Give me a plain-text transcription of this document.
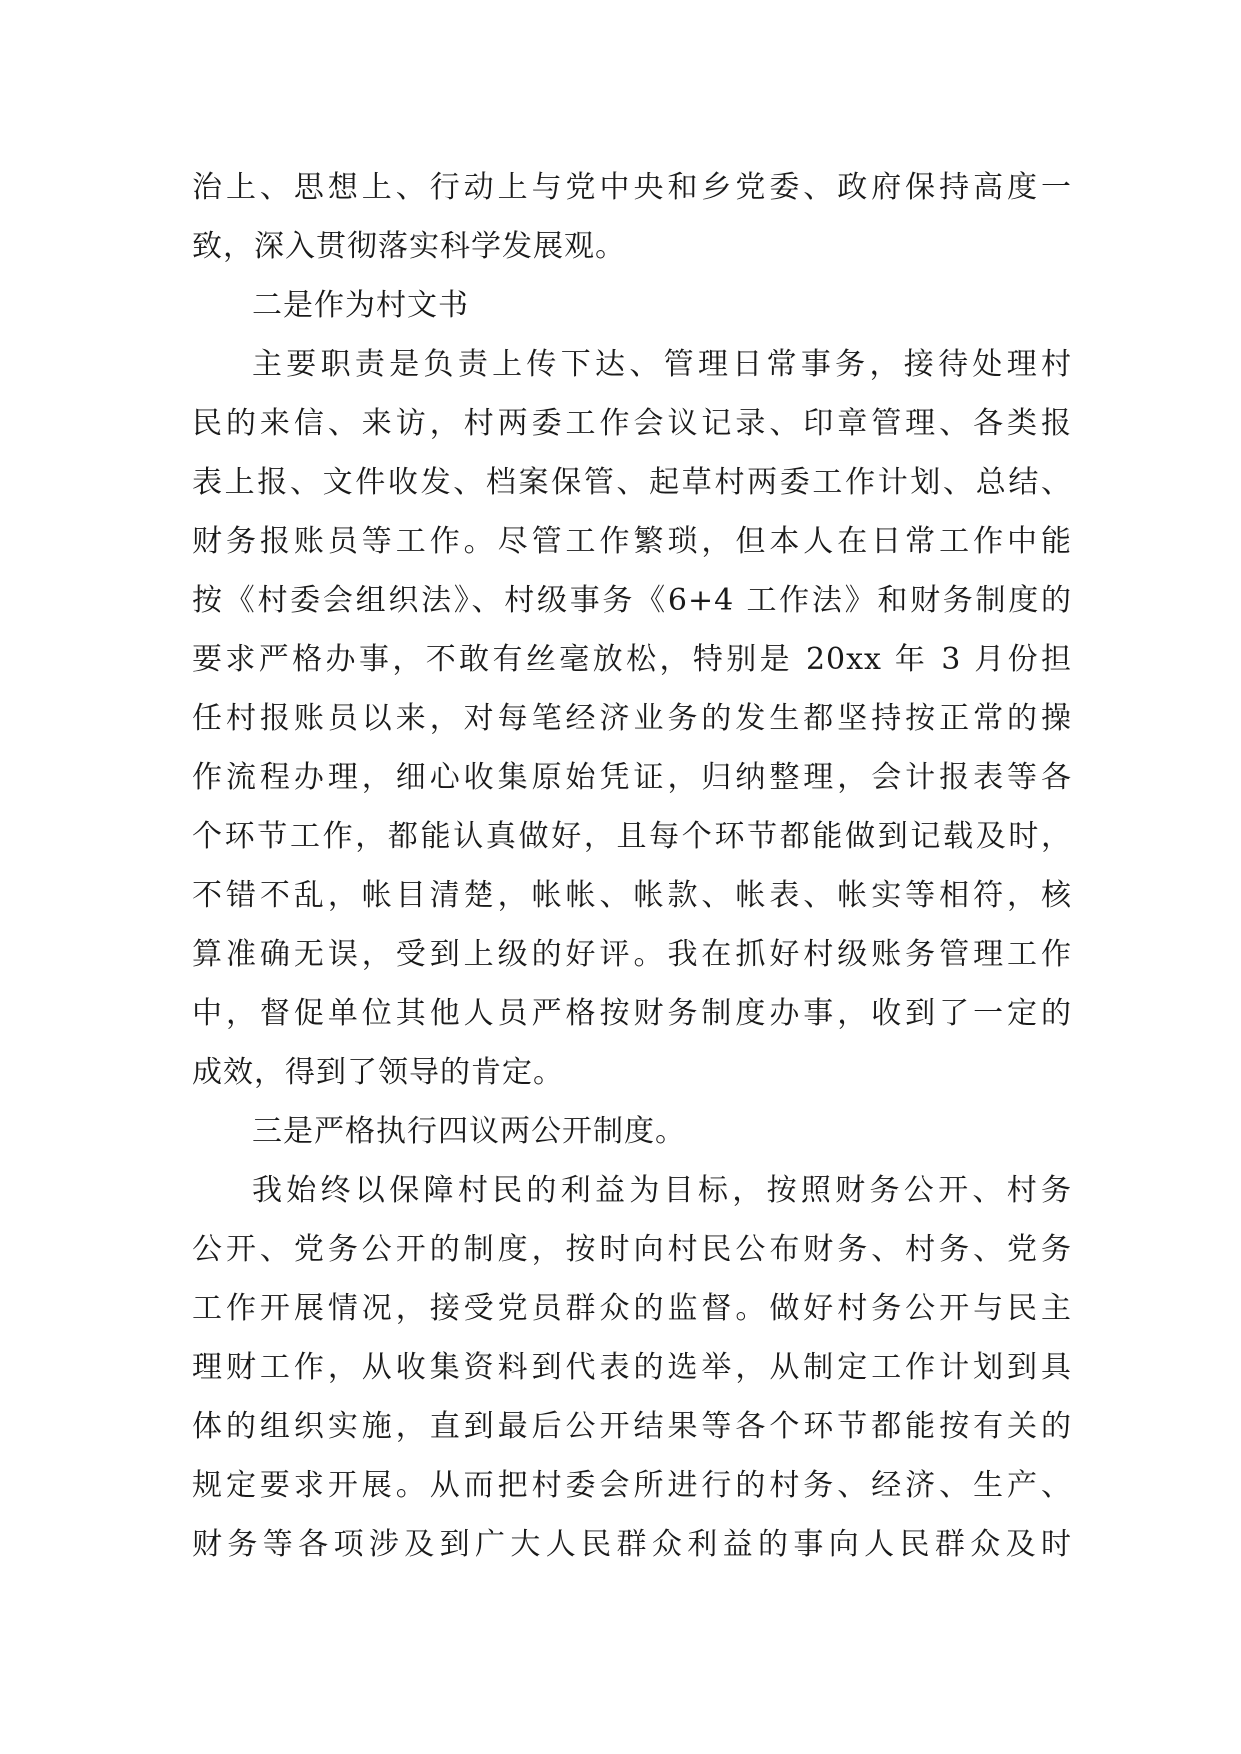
治上、思想上、行动上与党中央和乡党委、政府保持高度一
致，深入贯彻落实科学发展观。
二是作为村文书
主要职责是负责上传下达、管理日常事务，接待处理村
民的来信、来访，村两委工作会议记录、印章管理、各类报
表上报、文件收发、档案保管、起草村两委工作计划、总结、
财务报账员等工作。尽管工作繁琐，但本人在日常工作中能
按《村委会组织法》、村级事务《6+4 工作法》和财务制度的
要求严格办事，不敢有丝毫放松，特别是 20xx 年 3 月份担
任村报账员以来，对每笔经济业务的发生都坚持按正常的操
作流程办理，细心收集原始凭证，归纳整理，会计报表等各
个环节工作，都能认真做好，且每个环节都能做到记载及时，
不错不乱，帐目清楚，帐帐、帐款、帐表、帐实等相符，核
算准确无误，受到上级的好评。我在抓好村级账务管理工作
中，督促单位其他人员严格按财务制度办事，收到了一定的
成效，得到了领导的肯定。
三是严格执行四议两公开制度。
我始终以保障村民的利益为目标，按照财务公开、村务
公开、党务公开的制度，按时向村民公布财务、村务、党务
工作开展情况，接受党员群众的监督。做好村务公开与民主
理财工作，从收集资料到代表的选举，从制定工作计划到具
体的组织实施，直到最后公开结果等各个环节都能按有关的
规定要求开展。从而把村委会所进行的村务、经济、生产、
财务等各项涉及到广大人民群众利益的事向人民群众及时
